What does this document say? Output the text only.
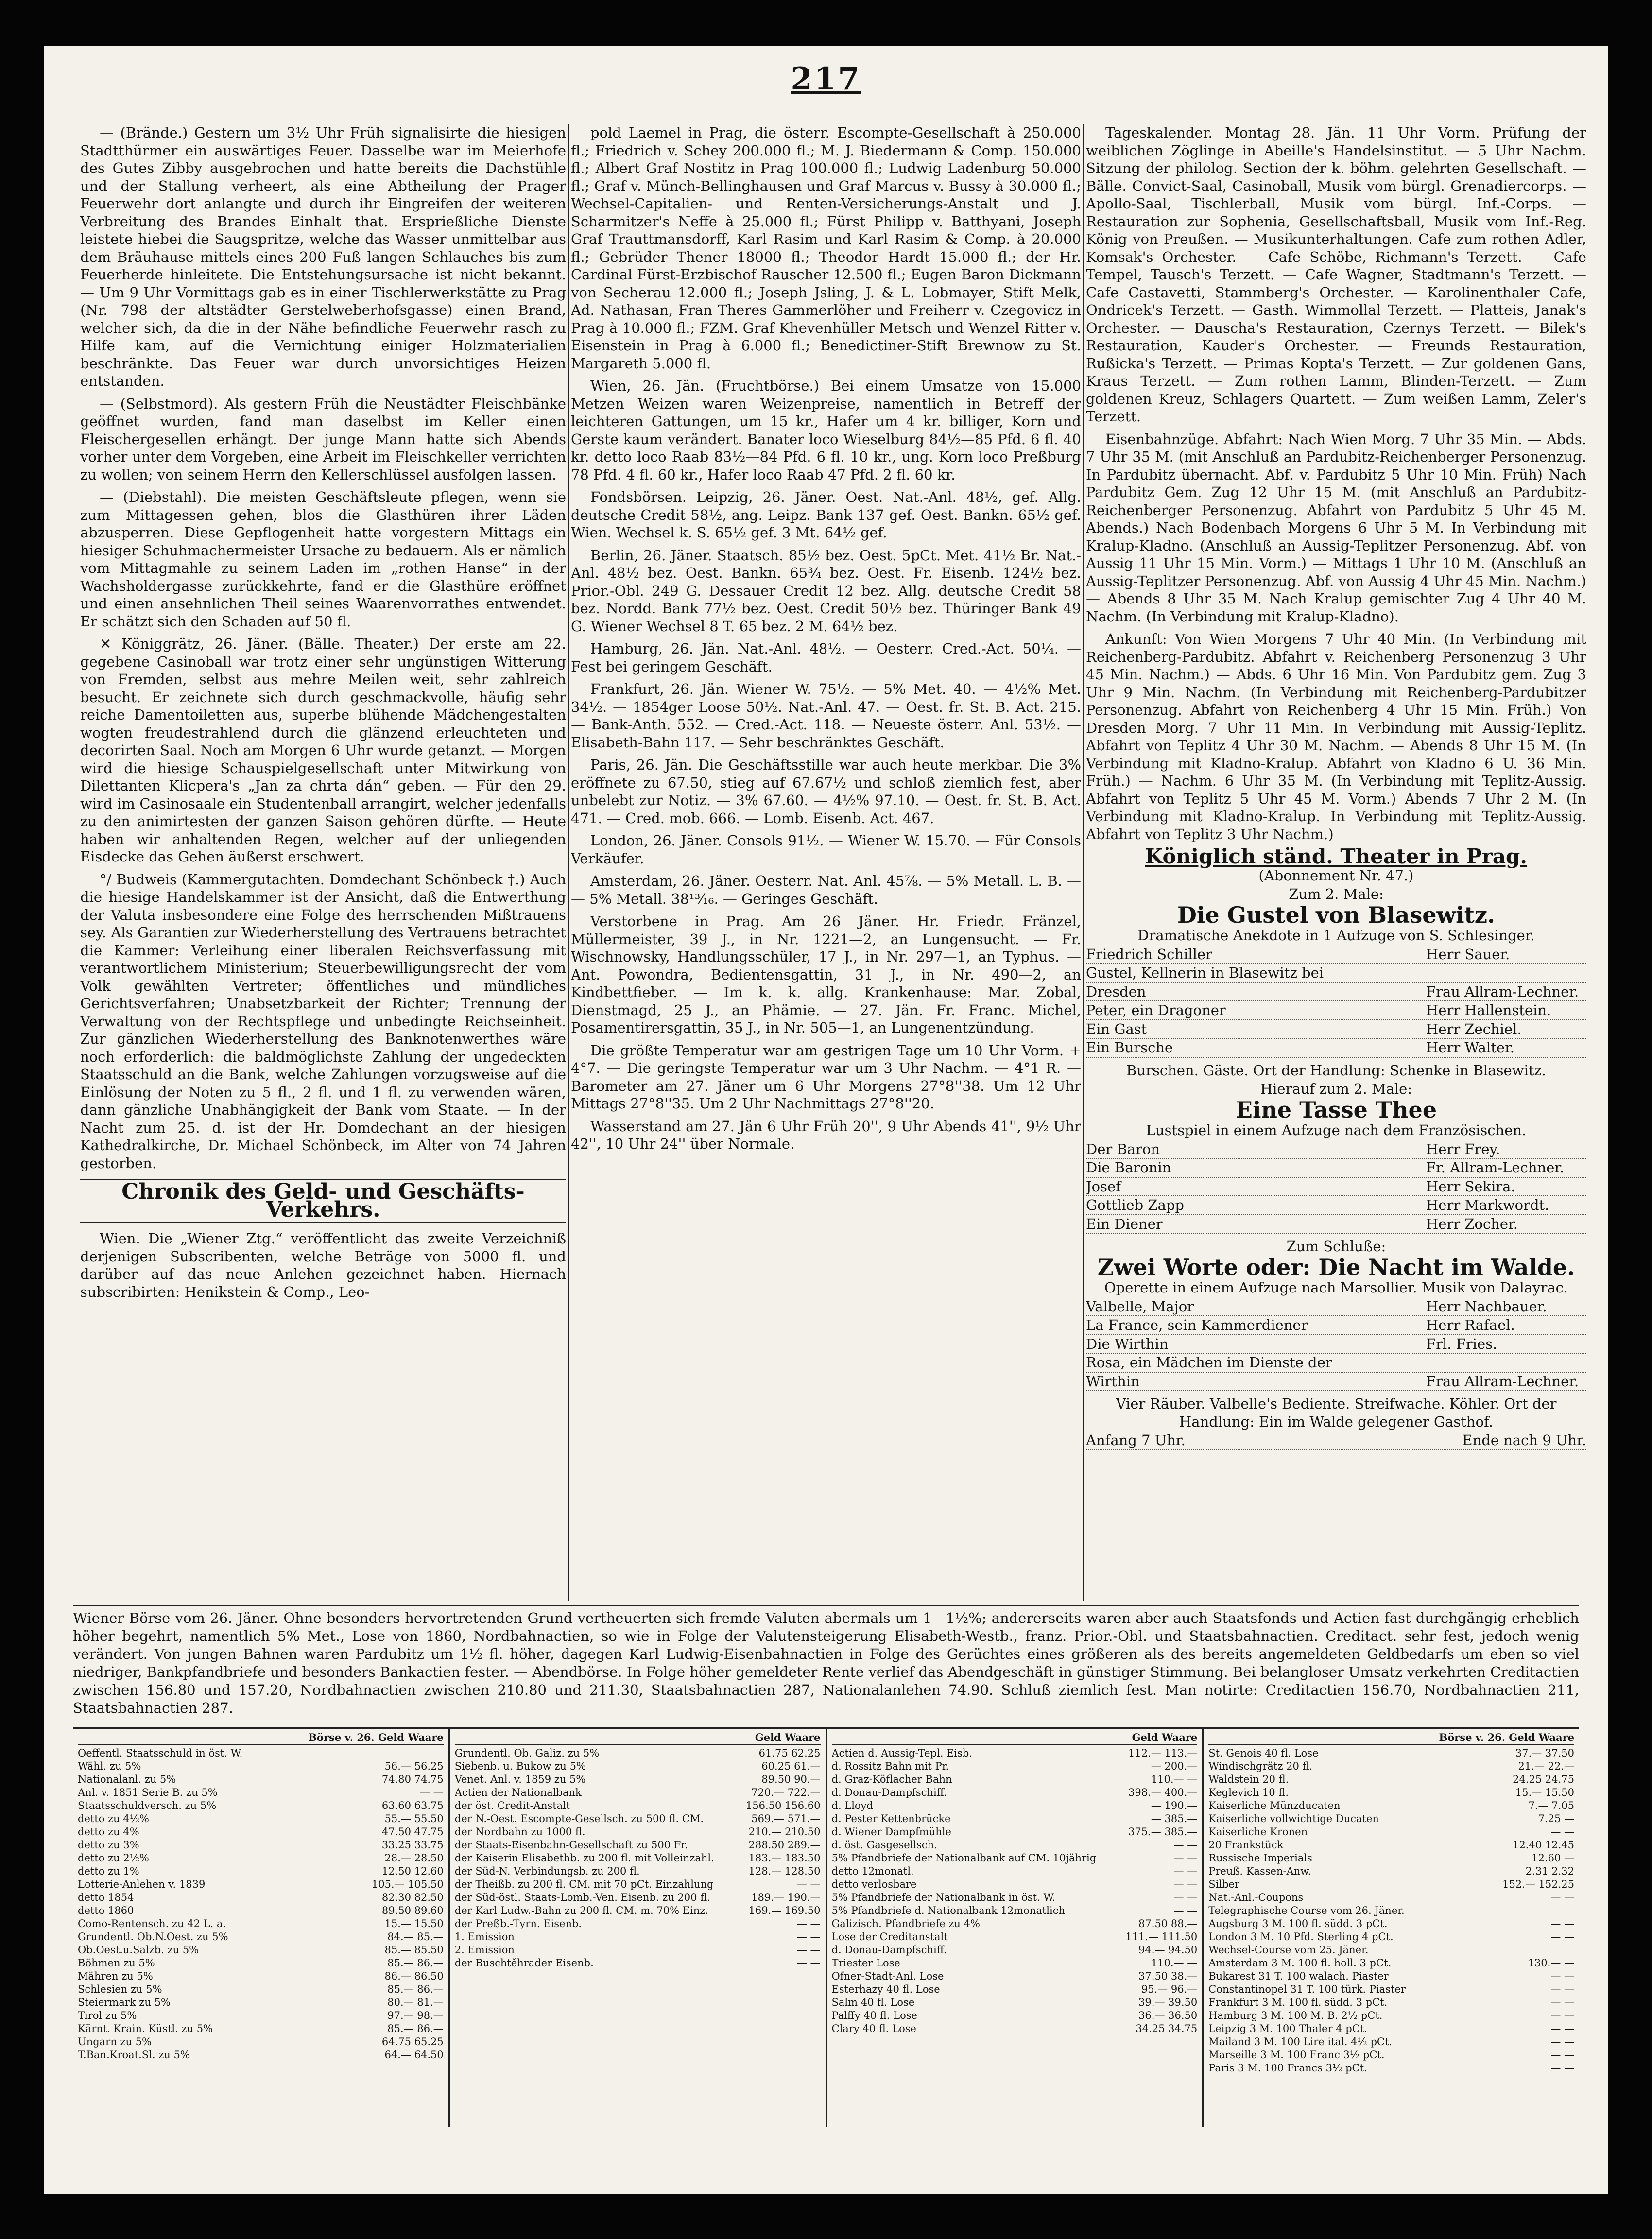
217

— (Brände.) Gestern um 3½ Uhr Früh signalisirte die hiesigen Stadtthürmer ein auswärtiges Feuer. Dasselbe war im Meierhofe des Gutes Zibby ausgebrochen und hatte bereits die Dachstühle und der Stallung verheert, als eine Abtheilung der Prager Feuerwehr dort anlangte und durch ihr Eingreifen der weiteren Verbreitung des Brandes Einhalt that. Ersprießliche Dienste leistete hiebei die Saugspritze, welche das Wasser unmittelbar aus dem Bräuhause mittels eines 200 Fuß langen Schlauches bis zum Feuerherde hinleitete. Die Entstehungsursache ist nicht bekannt. — Um 9 Uhr Vormittags gab es in einer Tischlerwerkstätte zu Prag (Nr. 798 der altstädter Gerstelweberhofsgasse) einen Brand, welcher sich, da die in der Nähe befindliche Feuerwehr rasch zu Hilfe kam, auf die Vernichtung einiger Holzmaterialien beschränkte. Das Feuer war durch unvorsichtiges Heizen entstanden.

— (Selbstmord). Als gestern Früh die Neustädter Fleischbänke geöffnet wurden, fand man daselbst im Keller einen Fleischergesellen erhängt. Der junge Mann hatte sich Abends vorher unter dem Vorgeben, eine Arbeit im Fleischkeller verrichten zu wollen; von seinem Herrn den Kellerschlüssel ausfolgen lassen.

— (Diebstahl). Die meisten Geschäftsleute pflegen, wenn sie zum Mittagessen gehen, blos die Glasthüren ihrer Läden abzusperren. Diese Gepflogenheit hatte vorgestern Mittags ein hiesiger Schuhmachermeister Ursache zu bedauern. Als er nämlich vom Mittagmahle zu seinem Laden im „rothen Hanse“ in der Wachsholdergasse zurückkehrte, fand er die Glasthüre eröffnet und einen ansehnlichen Theil seines Waarenvorrathes entwendet. Er schätzt sich den Schaden auf 50 fl.

✕ Königgrätz, 26. Jäner. (Bälle. Theater.) Der erste am 22. gegebene Casinoball war trotz einer sehr ungünstigen Witterung von Fremden, selbst aus mehre Meilen weit, sehr zahlreich besucht. Er zeichnete sich durch geschmackvolle, häufig sehr reiche Damentoiletten aus, superbe blühende Mädchengestalten wogten freudestrahlend durch die glänzend erleuchteten und decorirten Saal. Noch am Morgen 6 Uhr wurde getanzt. — Morgen wird die hiesige Schauspielgesellschaft unter Mitwirkung von Dilettanten Klicpera's „Jan za chrta dán“ geben. — Für den 29. wird im Casinosaale ein Studentenball arrangirt, welcher jedenfalls zu den animirtesten der ganzen Saison gehören dürfte. — Heute haben wir anhaltenden Regen, welcher auf der unliegenden Eisdecke das Gehen äußerst erschwert.

°/ Budweis (Kammergutachten. Domdechant Schönbeck †.) Auch die hiesige Handelskammer ist der Ansicht, daß die Entwerthung der Valuta insbesondere eine Folge des herrschenden Mißtrauens sey. Als Garantien zur Wiederherstellung des Vertrauens betrachtet die Kammer: Verleihung einer liberalen Reichsverfassung mit verantwortlichem Ministerium; Steuerbewilligungsrecht der vom Volk gewählten Vertreter; öffentliches und mündliches Gerichtsverfahren; Unabsetzbarkeit der Richter; Trennung der Verwaltung von der Rechtspflege und unbedingte Reichseinheit. Zur gänzlichen Wiederherstellung des Banknotenwerthes wäre noch erforderlich: die baldmöglichste Zahlung der ungedeckten Staatsschuld an die Bank, welche Zahlungen vorzugsweise auf die Einlösung der Noten zu 5 fl., 2 fl. und 1 fl. zu verwenden wären, dann gänzliche Unabhängigkeit der Bank vom Staate. — In der Nacht zum 25. d. ist der Hr. Domdechant an der hiesigen Kathedralkirche, Dr. Michael Schönbeck, im Alter von 74 Jahren gestorben.

Chronik des Geld- und Geschäfts-Verkehrs.

Wien. Die „Wiener Ztg.“ veröffentlicht das zweite Verzeichniß derjenigen Subscribenten, welche Beträge von 5000 fl. und darüber auf das neue Anlehen gezeichnet haben. Hiernach subscribirten: Henikstein & Comp., Leo-

pold Laemel in Prag, die österr. Escompte-Gesellschaft à 250.000 fl.; Friedrich v. Schey 200.000 fl.; M. J. Biedermann & Comp. 150.000 fl.; Albert Graf Nostitz in Prag 100.000 fl.; Ludwig Ladenburg 50.000 fl.; Graf v. Münch-Bellinghausen und Graf Marcus v. Bussy à 30.000 fl.; Wechsel-Capitalien- und Renten-Versicherungs-Anstalt und J. Scharmitzer's Neffe à 25.000 fl.; Fürst Philipp v. Batthyani, Joseph Graf Trauttmansdorff, Karl Rasim und Karl Rasim & Comp. à 20.000 fl.; Gebrüder Thener 18000 fl.; Theodor Hardt 15.000 fl.; der Hr. Cardinal Fürst-Erzbischof Rauscher 12.500 fl.; Eugen Baron Dickmann von Secherau 12.000 fl.; Joseph Jsling, J. & L. Lobmayer, Stift Melk, Ad. Nathasan, Fran Theres Gammerlöher und Freiherr v. Czegovicz in Prag à 10.000 fl.; FZM. Graf Khevenhüller Metsch und Wenzel Ritter v. Eisenstein in Prag à 6.000 fl.; Benedictiner-Stift Brewnow zu St. Margareth 5.000 fl.

Wien, 26. Jän. (Fruchtbörse.) Bei einem Umsatze von 15.000 Metzen Weizen waren Weizenpreise, namentlich in Betreff der leichteren Gattungen, um 15 kr., Hafer um 4 kr. billiger, Korn und Gerste kaum verändert. Banater loco Wieselburg 84½—85 Pfd. 6 fl. 40 kr. detto loco Raab 83½—84 Pfd. 6 fl. 10 kr., ung. Korn loco Preßburg 78 Pfd. 4 fl. 60 kr., Hafer loco Raab 47 Pfd. 2 fl. 60 kr.

Fondsbörsen. Leipzig, 26. Jäner. Oest. Nat.-Anl. 48½, gef. Allg. deutsche Credit 58½, ang. Leipz. Bank 137 gef. Oest. Bankn. 65½ gef. Wien. Wechsel k. S. 65½ gef. 3 Mt. 64½ gef.

Berlin, 26. Jäner. Staatsch. 85½ bez. Oest. 5pCt. Met. 41½ Br. Nat.-Anl. 48½ bez. Oest. Bankn. 65¾ bez. Oest. Fr. Eisenb. 124½ bez. Prior.-Obl. 249 G. Dessauer Credit 12 bez. Allg. deutsche Credit 58 bez. Nordd. Bank 77½ bez. Oest. Credit 50½ bez. Thüringer Bank 49 G. Wiener Wechsel 8 T. 65 bez. 2 M. 64½ bez.

Hamburg, 26. Jän. Nat.-Anl. 48½. — Oesterr. Cred.-Act. 50¼. — Fest bei geringem Geschäft.

Frankfurt, 26. Jän. Wiener W. 75½. — 5% Met. 40. — 4½% Met. 34½. — 1854ger Loose 50½. Nat.-Anl. 47. — Oest. fr. St. B. Act. 215. — Bank-Anth. 552. — Cred.-Act. 118. — Neueste österr. Anl. 53½. — Elisabeth-Bahn 117. — Sehr beschränktes Geschäft.

Paris, 26. Jän. Die Geschäftsstille war auch heute merkbar. Die 3% eröffnete zu 67.50, stieg auf 67.67½ und schloß ziemlich fest, aber unbelebt zur Notiz. — 3% 67.60. — 4½% 97.10. — Oest. fr. St. B. Act. 471. — Cred. mob. 666. — Lomb. Eisenb. Act. 467.

London, 26. Jäner. Consols 91½. — Wiener W. 15.70. — Für Consols Verkäufer.

Amsterdam, 26. Jäner. Oesterr. Nat. Anl. 45⅞. — 5% Metall. L. B. — — 5% Metall. 38¹³⁄₁₆. — Geringes Geschäft.

Verstorbene in Prag. Am 26 Jäner. Hr. Friedr. Fränzel, Müllermeister, 39 J., in Nr. 1221—2, an Lungensucht. — Fr. Wischnowsky, Handlungsschüler, 17 J., in Nr. 297—1, an Typhus. — Ant. Powondra, Bedientensgattin, 31 J., in Nr. 490—2, an Kindbettfieber. — Im k. k. allg. Krankenhause: Mar. Zobal, Dienstmagd, 25 J., an Phämie. — 27. Jän. Fr. Franc. Michel, Posamentirersgattin, 35 J., in Nr. 505—1, an Lungenentzündung.

Die größte Temperatur war am gestrigen Tage um 10 Uhr Vorm. + 4°7. — Die geringste Temperatur war um 3 Uhr Nachm. — 4°1 R. — Barometer am 27. Jäner um 6 Uhr Morgens 27°8''38. Um 12 Uhr Mittags 27°8''35. Um 2 Uhr Nachmittags 27°8''20.

Wasserstand am 27. Jän 6 Uhr Früh 20'', 9 Uhr Abends 41'', 9½ Uhr 42'', 10 Uhr 24'' über Normale.

Tageskalender. Montag 28. Jän. 11 Uhr Vorm. Prüfung der weiblichen Zöglinge in Abeille's Handelsinstitut. — 5 Uhr Nachm. Sitzung der philolog. Section der k. böhm. gelehrten Gesellschaft. — Bälle. Convict-Saal, Casinoball, Musik vom bürgl. Grenadiercorps. — Apollo-Saal, Tischlerball, Musik vom bürgl. Inf.-Corps. — Restauration zur Sophenia, Gesellschaftsball, Musik vom Inf.-Reg. König von Preußen. — Musikunterhaltungen. Cafe zum rothen Adler, Komsak's Orchester. — Cafe Schöbe, Richmann's Terzett. — Cafe Tempel, Tausch's Terzett. — Cafe Wagner, Stadtmann's Terzett. — Cafe Castavetti, Stammberg's Orchester. — Karolinenthaler Cafe, Ondricek's Terzett. — Gasth. Wimmollal Terzett. — Platteis, Janak's Orchester. — Dauscha's Restauration, Czernys Terzett. — Bilek's Restauration, Kauder's Orchester. — Freunds Restauration, Rußicka's Terzett. — Primas Kopta's Terzett. — Zur goldenen Gans, Kraus Terzett. — Zum rothen Lamm, Blinden-Terzett. — Zum goldenen Kreuz, Schlagers Quartett. — Zum weißen Lamm, Zeler's Terzett.

Eisenbahnzüge. Abfahrt: Nach Wien Morg. 7 Uhr 35 Min. — Abds. 7 Uhr 35 M. (mit Anschluß an Pardubitz-Reichenberger Personenzug. In Pardubitz übernacht. Abf. v. Pardubitz 5 Uhr 10 Min. Früh) Nach Pardubitz Gem. Zug 12 Uhr 15 M. (mit Anschluß an Pardubitz-Reichenberger Personenzug. Abfahrt von Pardubitz 5 Uhr 45 M. Abends.) Nach Bodenbach Morgens 6 Uhr 5 M. In Verbindung mit Kralup-Kladno. (Anschluß an Aussig-Teplitzer Personenzug. Abf. von Aussig 11 Uhr 15 Min. Vorm.) — Mittags 1 Uhr 10 M. (Anschluß an Aussig-Teplitzer Personenzug. Abf. von Aussig 4 Uhr 45 Min. Nachm.) — Abends 8 Uhr 35 M. Nach Kralup gemischter Zug 4 Uhr 40 M. Nachm. (In Verbindung mit Kralup-Kladno).

Ankunft: Von Wien Morgens 7 Uhr 40 Min. (In Verbindung mit Reichenberg-Pardubitz. Abfahrt v. Reichenberg Personenzug 3 Uhr 45 Min. Nachm.) — Abds. 6 Uhr 16 Min. Von Pardubitz gem. Zug 3 Uhr 9 Min. Nachm. (In Verbindung mit Reichenberg-Pardubitzer Personenzug. Abfahrt von Reichenberg 4 Uhr 15 Min. Früh.) Von Dresden Morg. 7 Uhr 11 Min. In Verbindung mit Aussig-Teplitz. Abfahrt von Teplitz 4 Uhr 30 M. Nachm. — Abends 8 Uhr 15 M. (In Verbindung mit Kladno-Kralup. Abfahrt von Kladno 6 U. 36 Min. Früh.) — Nachm. 6 Uhr 35 M. (In Verbindung mit Teplitz-Aussig. Abfahrt von Teplitz 5 Uhr 45 M. Vorm.) Abends 7 Uhr 2 M. (In Verbindung mit Kladno-Kralup. In Verbindung mit Teplitz-Aussig. Abfahrt von Teplitz 3 Uhr Nachm.)

Königlich ständ. Theater in Prag.
(Abonnement Nr. 47.)
Zum 2. Male:
Die Gustel von Blasewitz.
Dramatische Anekdote in 1 Aufzuge von S. Schlesinger.
Friedrich Schiller	Herr Sauer.
Gustel, Kellnerin in Blasewitz bei
Dresden	Frau Allram-Lechner.
Peter, ein Dragoner	Herr Hallenstein.
Ein Gast	Herr Zechiel.
Ein Bursche	Herr Walter.
Burschen. Gäste. Ort der Handlung: Schenke in Blasewitz.
Hierauf zum 2. Male:
Eine Tasse Thee
Lustspiel in einem Aufzuge nach dem Französischen.
Der Baron	Herr Frey.
Die Baronin	Fr. Allram-Lechner.
Josef	Herr Sekira.
Gottlieb Zapp	Herr Markwordt.
Ein Diener	Herr Zocher.
Zum Schluße:
Zwei Worte oder: Die Nacht im Walde.
Operette in einem Aufzuge nach Marsollier. Musik von Dalayrac.
Valbelle, Major	Herr Nachbauer.
La France, sein Kammerdiener	Herr Rafael.
Die Wirthin	Frl. Fries.
Rosa, ein Mädchen im Dienste der
Wirthin	Frau Allram-Lechner.
Vier Räuber. Valbelle's Bediente. Streifwache. Köhler. Ort der Handlung: Ein im Walde gelegener Gasthof.
Anfang 7 Uhr.	Ende nach 9 Uhr.
Wiener Börse vom 26. Jäner. Ohne besonders hervortretenden Grund vertheuerten sich fremde Valuten abermals um 1—1½%; andererseits waren aber auch Staatsfonds und Actien fast durchgängig erheblich höher begehrt, namentlich 5% Met., Lose von 1860, Nordbahnactien, so wie in Folge der Valutensteigerung Elisabeth-Westb., franz. Prior.-Obl. und Staatsbahnactien. Creditact. sehr fest, jedoch wenig verändert. Von jungen Bahnen waren Pardubitz um 1½ fl. höher, dagegen Karl Ludwig-Eisenbahnactien in Folge des Gerüchtes eines größeren als des bereits angemeldeten Geldbedarfs um eben so viel niedriger, Bankpfandbriefe und besonders Bankactien fester. — Abendbörse. In Folge höher gemeldeter Rente verlief das Abendgeschäft in günstiger Stimmung. Bei belangloser Umsatz verkehrten Creditactien zwischen 156.80 und 157.20, Nordbahnactien zwischen 210.80 und 211.30, Staatsbahnactien 287, Nationalanlehen 74.90. Schluß ziemlich fest. Man notirte: Creditactien 156.70, Nordbahnactien 211, Staatsbahnactien 287.
Börse v. 26. Geld Waare
Oeffentl. Staatsschuld in öst. W.
Wähl. zu 5%	56.— 56.25
Nationalanl. zu 5%	74.80 74.75
Anl. v. 1851 Serie B. zu 5%	— —
Staatsschuldversch. zu 5%	63.60 63.75
detto zu 4½%	55.— 55.50
detto zu 4%	47.50 47.75
detto zu 3%	33.25 33.75
detto zu 2½%	28.— 28.50
detto zu 1%	12.50 12.60
Lotterie-Anlehen v. 1839	105.— 105.50
detto 1854	82.30 82.50
detto 1860	89.50 89.60
Como-Rentensch. zu 42 L. a.	15.— 15.50
Grundentl. Ob.N.Oest. zu 5%	84.— 85.—
Ob.Oest.u.Salzb. zu 5%	85.— 85.50
Böhmen zu 5%	85.— 86.—
Mähren zu 5%	86.— 86.50
Schlesien zu 5%	85.— 86.—
Steiermark zu 5%	80.— 81.—
Tirol zu 5%	97.— 98.—
Kärnt. Krain. Küstl. zu 5%	85.— 86.—
Ungarn zu 5%	64.75 65.25
T.Ban.Kroat.Sl. zu 5%	64.— 64.50
Geld Waare
Grundentl. Ob. Galiz. zu 5%	61.75 62.25
Siebenb. u. Bukow zu 5%	60.25 61.—
Venet. Anl. v. 1859 zu 5%	89.50 90.—
Actien der Nationalbank	720.— 722.—
der öst. Credit-Anstalt	156.50 156.60
der N.-Oest. Escompte-Gesellsch. zu 500 fl. CM.	569.— 571.—
der Nordbahn zu 1000 fl.	210.— 210.50
der Staats-Eisenbahn-Gesellschaft zu 500 Fr.	288.50 289.—
der Kaiserin Elisabethb. zu 200 fl. mit Volleinzahl.	183.— 183.50
der Süd-N. Verbindungsb. zu 200 fl.	128.— 128.50
der Theißb. zu 200 fl. CM. mit 70 pCt. Einzahlung	— —
der Süd-östl. Staats-Lomb.-Ven. Eisenb. zu 200 fl.	189.— 190.—
der Karl Ludw.-Bahn zu 200 fl. CM. m. 70% Einz.	169.— 169.50
der Preßb.-Tyrn. Eisenb.	— —
1. Emission	— —
2. Emission	— —
der Buschtěhrader Eisenb.	— —
Geld Waare
Actien d. Aussig-Tepl. Eisb.	112.— 113.—
d. Rossitz Bahn mit Pr.	— 200.—
d. Graz-Köflacher Bahn	110.— —
d. Donau-Dampfschiff.	398.— 400.—
d. Lloyd	— 190.—
d. Pester Kettenbrücke	— 385.—
d. Wiener Dampfmühle	375.— 385.—
d. öst. Gasgesellsch.	— —
5% Pfandbriefe der Nationalbank auf CM. 10jährig	— —
detto 12monatl.	— —
detto verlosbare	— —
5% Pfandbriefe der Nationalbank in öst. W.	— —
5% Pfandbriefe d. Nationalbank 12monatlich	— —
Galizisch. Pfandbriefe zu 4%	87.50 88.—
Lose der Creditanstalt	111.— 111.50
d. Donau-Dampfschiff.	94.— 94.50
Triester Lose	110.— —
Ofner-Stadt-Anl. Lose	37.50 38.—
Esterhazy 40 fl. Lose	95.— 96.—
Salm 40 fl. Lose	39.— 39.50
Palffy 40 fl. Lose	36.— 36.50
Clary 40 fl. Lose	34.25 34.75
Börse v. 26. Geld Waare
St. Genois 40 fl. Lose	37.— 37.50
Windischgrätz 20 fl.	21.— 22.—
Waldstein 20 fl.	24.25 24.75
Keglevich 10 fl.	15.— 15.50
Kaiserliche Münzducaten	7.— 7.05
Kaiserliche vollwichtige Ducaten	7.25 —
Kaiserliche Kronen	— —
20 Frankstück	12.40 12.45
Russische Imperials	12.60 —
Preuß. Kassen-Anw.	2.31 2.32
Silber	152.— 152.25
Nat.-Anl.-Coupons	— —
Telegraphische Course vom 26. Jäner.
Augsburg 3 M. 100 fl. südd. 3 pCt.	— —
London 3 M. 10 Pfd. Sterling 4 pCt.	— —
Wechsel-Course vom 25. Jäner.
Amsterdam 3 M. 100 fl. holl. 3 pCt.	130.— —
Bukarest 31 T. 100 walach. Piaster	— —
Constantinopel 31 T. 100 türk. Piaster	— —
Frankfurt 3 M. 100 fl. südd. 3 pCt.	— —
Hamburg 3 M. 100 M. B. 2½ pCt.	— —
Leipzig 3 M. 100 Thaler 4 pCt.	— —
Mailand 3 M. 100 Lire ital. 4½ pCt.	— —
Marseille 3 M. 100 Franc 3½ pCt.	— —
Paris 3 M. 100 Francs 3½ pCt.	— —
